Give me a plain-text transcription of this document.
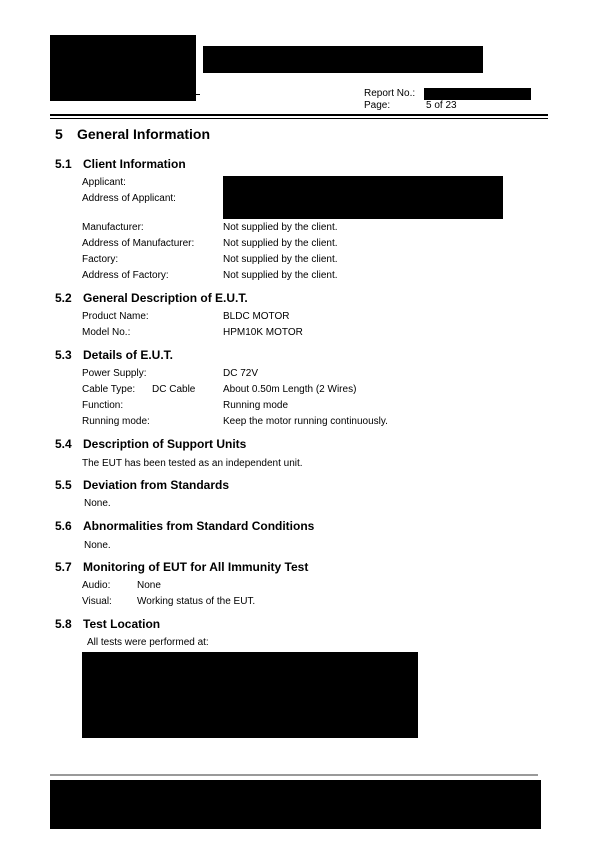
Report No.:
Page:	5 of 23
5 General Information
5.1 Client Information
Applicant:
Address of Applicant:
Manufacturer:	Not supplied by the client.
Address of Manufacturer:	Not supplied by the client.
Factory:	Not supplied by the client.
Address of Factory:	Not supplied by the client.
5.2 General Description of E.U.T.
Product Name:	BLDC MOTOR
Model No.:	HPM10K MOTOR
5.3 Details of E.U.T.
Power Supply:	DC 72V
Cable Type: DC Cable	About 0.50m Length (2 Wires)
Function:	Running mode
Running mode:	Keep the motor running continuously.
5.4 Description of Support Units
The EUT has been tested as an independent unit.
5.5 Deviation from Standards
None.
5.6 Abnormalities from Standard Conditions
None.
5.7 Monitoring of EUT for All Immunity Test
Audio:	None
Visual:	Working status of the EUT.
5.8 Test Location
All tests were performed at:
